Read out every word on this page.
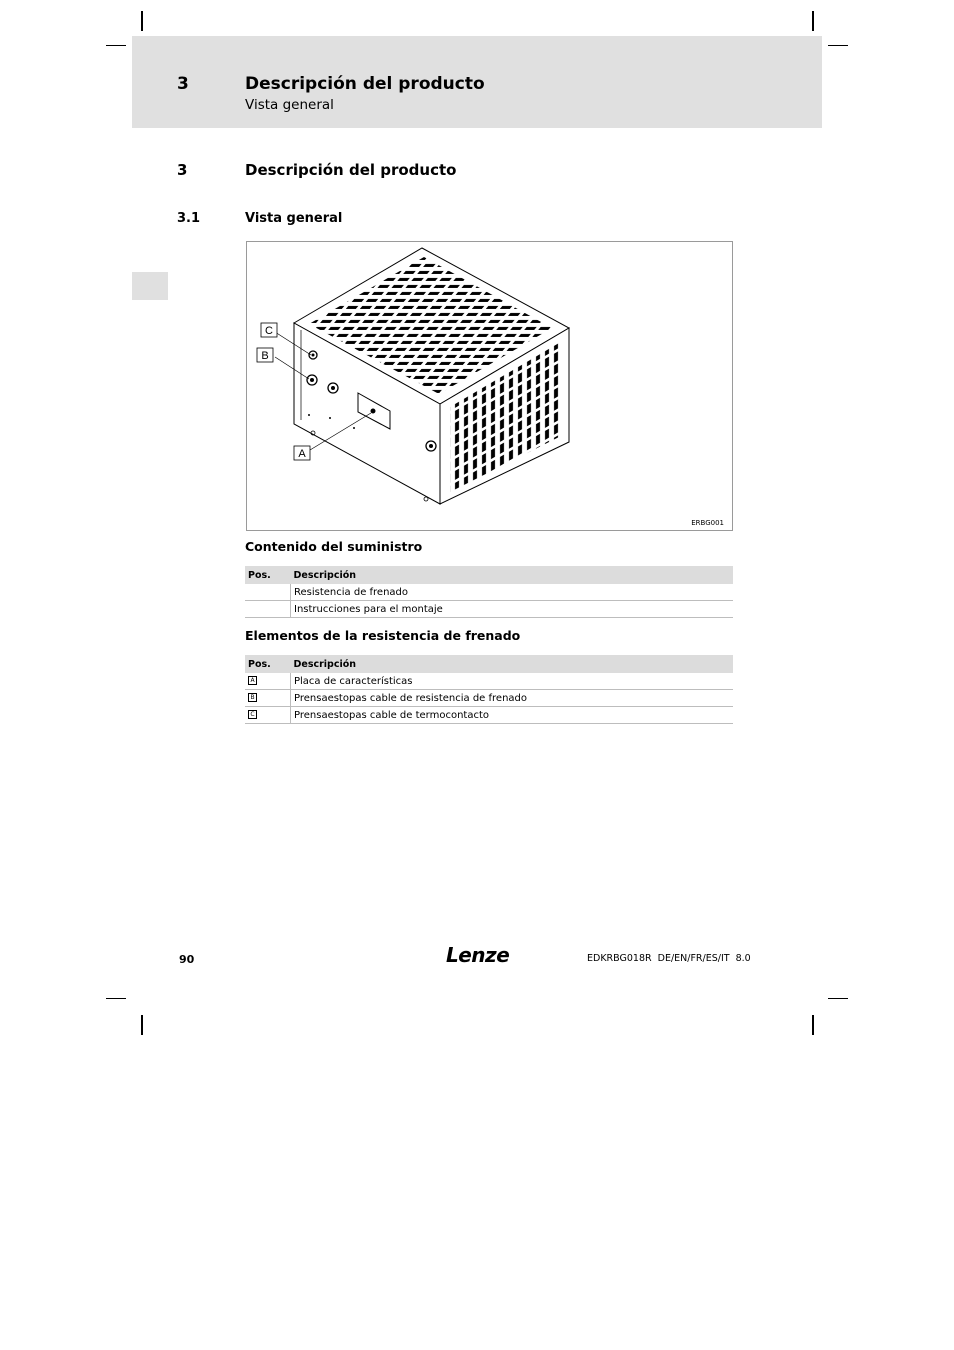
3	Descripción del producto
Vista general
3	Descripción del producto
3.1	Vista general
C
B
A
ERBG001
Contenido del suministro
Pos.	Descripción
	Resistencia de frenado
	Instrucciones para el montaje
Elementos de la resistencia de frenado
Pos.	Descripción
A	Placa de características
B	Prensaestopas cable de resistencia de frenado
C	Prensaestopas cable de termocontacto
90	Lenze	EDKRBG018R  DE/EN/FR/ES/IT  8.0
